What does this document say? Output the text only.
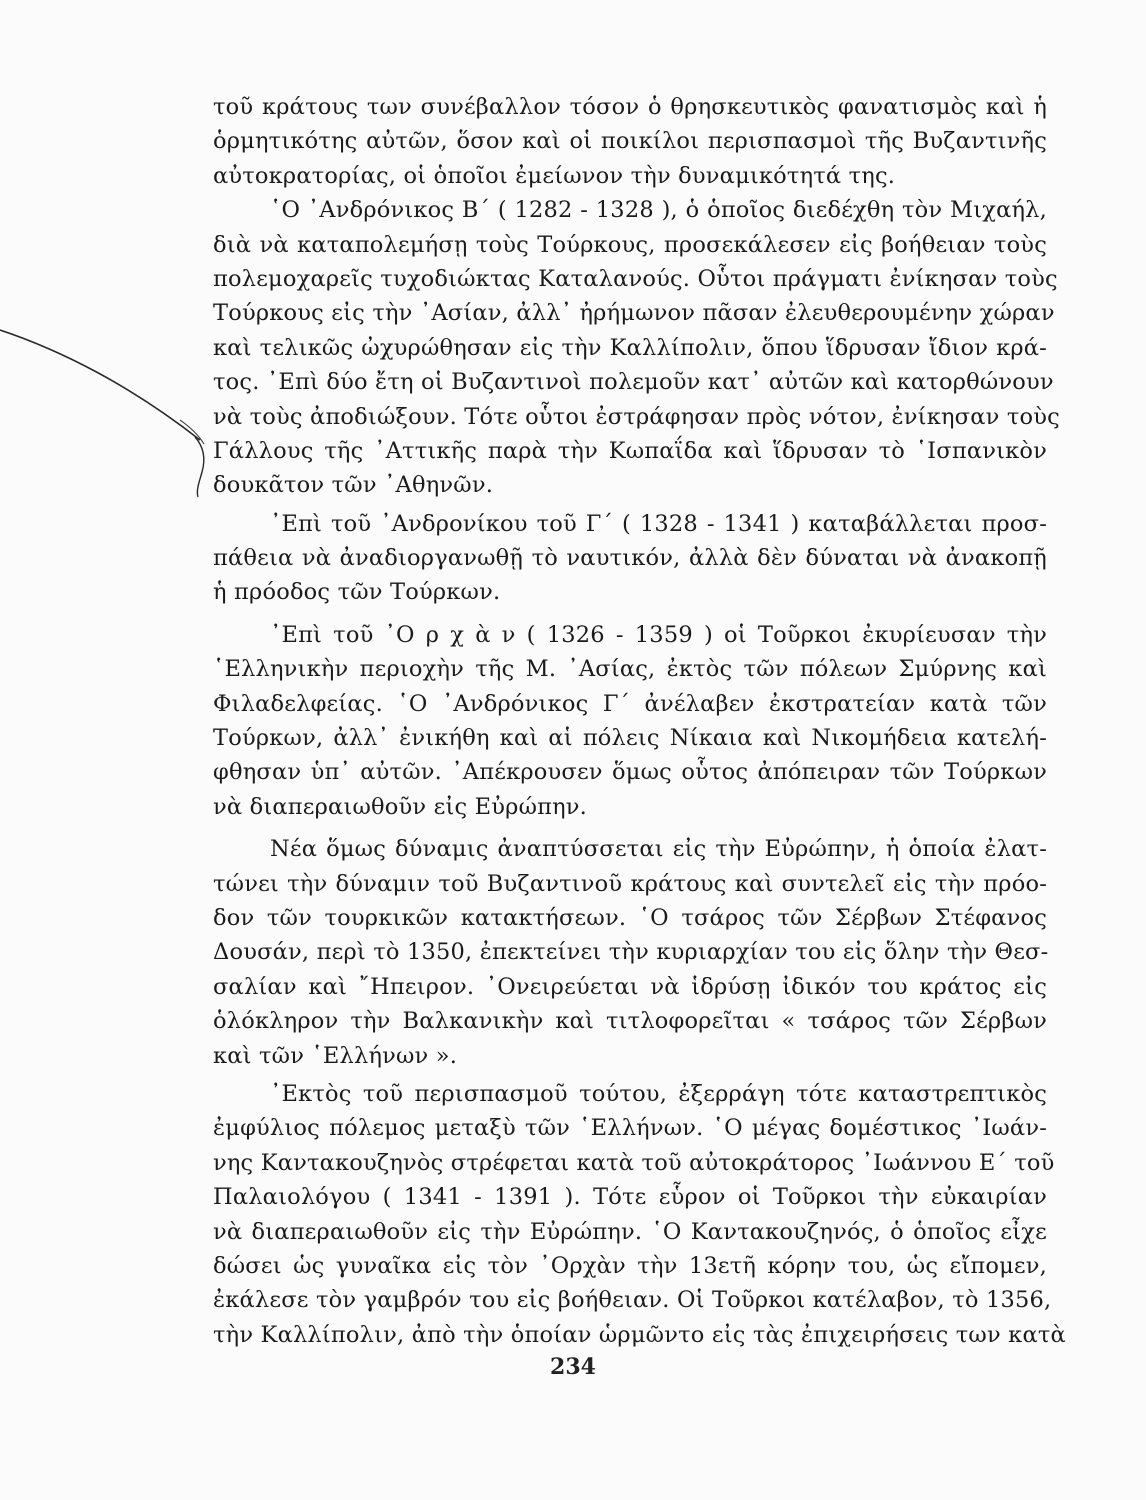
τοῦ κράτους των συνέβαλλον τόσον ὁ θρησκευτικὸς φανατισμὸς καὶ ἡ
ὁρμητικότης αὐτῶν, ὅσον καὶ οἱ ποικίλοι περισπασμοὶ τῆς Βυζαντινῆς
αὐτοκρατορίας, οἱ ὁποῖοι ἐμείωνον τὴν δυναμικότητά της.
῾Ο ᾿Ανδρόνικος Β΄ ( 1282 - 1328 ), ὁ ὁποῖος διεδέχθη τὸν Μιχαήλ,
διὰ νὰ καταπολεμήσῃ τοὺς Τούρκους, προσεκάλεσεν εἰς βοήθειαν τοὺς
πολεμοχαρεῖς τυχοδιώκτας Καταλανούς. Οὗτοι πράγματι ἐνίκησαν τοὺς
Τούρκους εἰς τὴν ᾿Ασίαν, ἀλλ᾿ ἠρήμωνον πᾶσαν ἐλευθερουμένην χώραν
καὶ τελικῶς ὠχυρώθησαν εἰς τὴν Καλλίπολιν, ὅπου ἵδρυσαν ἴδιον κρά-
τος. ᾿Επὶ δύο ἔτη οἱ Βυζαντινοὶ πολεμοῦν κατ᾿ αὐτῶν καὶ κατορθώνουν
νὰ τοὺς ἀποδιώξουν. Τότε οὗτοι ἐστράφησαν πρὸς νότον, ἐνίκησαν τοὺς
Γάλλους τῆς ᾿Αττικῆς παρὰ τὴν Κωπαΐδα καὶ ἵδρυσαν τὸ ῾Ισπανικὸν
δουκᾶτον τῶν ᾿Αθηνῶν.
᾿Επὶ τοῦ ᾿Ανδρονίκου τοῦ Γ΄ ( 1328 - 1341 ) καταβάλλεται προσ-
πάθεια νὰ ἀναδιοργανωθῇ τὸ ναυτικόν, ἀλλὰ δὲν δύναται νὰ ἀνακοπῇ
ἡ πρόοδος τῶν Τούρκων.
᾿Επὶ τοῦ ᾿Ο ρ χ ὰ ν ( 1326 - 1359 ) οἱ Τοῦρκοι ἐκυρίευσαν τὴν
῾Ελληνικὴν περιοχὴν τῆς Μ. ᾿Ασίας, ἐκτὸς τῶν πόλεων Σμύρνης καὶ
Φιλαδελφείας. ῾Ο ᾿Ανδρόνικος Γ΄ ἀνέλαβεν ἐκστρατείαν κατὰ τῶν
Τούρκων, ἀλλ᾿ ἐνικήθη καὶ αἱ πόλεις Νίκαια καὶ Νικομήδεια κατελή-
φθησαν ὑπ᾿ αὐτῶν. ᾿Απέκρουσεν ὅμως οὗτος ἀπόπειραν τῶν Τούρκων
νὰ διαπεραιωθοῦν εἰς Εὐρώπην.
Νέα ὅμως δύναμις ἀναπτύσσεται εἰς τὴν Εὐρώπην, ἡ ὁποία ἐλατ-
τώνει τὴν δύναμιν τοῦ Βυζαντινοῦ κράτους καὶ συντελεῖ εἰς τὴν πρόο-
δον τῶν τουρκικῶν κατακτήσεων. ῾Ο τσάρος τῶν Σέρβων Στέφανος
Δουσάν, περὶ τὸ 1350, ἐπεκτείνει τὴν κυριαρχίαν του εἰς ὅλην τὴν Θεσ-
σαλίαν καὶ ῎Ηπειρον. ᾿Ονειρεύεται νὰ ἱδρύσῃ ἰδικόν του κράτος εἰς
ὁλόκληρον τὴν Βαλκανικὴν καὶ τιτλοφορεῖται « τσάρος τῶν Σέρβων
καὶ τῶν ῾Ελλήνων ».
᾿Εκτὸς τοῦ περισπασμοῦ τούτου, ἐξερράγη τότε καταστρεπτικὸς
ἐμφύλιος πόλεμος μεταξὺ τῶν ῾Ελλήνων. ῾Ο μέγας δομέστικος ᾿Ιωάν-
νης Καντακουζηνὸς στρέφεται κατὰ τοῦ αὐτοκράτορος ᾿Ιωάννου Ε΄ τοῦ
Παλαιολόγου ( 1341 - 1391 ). Τότε εὗρον οἱ Τοῦρκοι τὴν εὐκαιρίαν
νὰ διαπεραιωθοῦν εἰς τὴν Εὐρώπην. ῾Ο Καντακουζηνός, ὁ ὁποῖος εἶχε
δώσει ὡς γυναῖκα εἰς τὸν ᾿Ορχὰν τὴν 13ετῆ κόρην του, ὡς εἴπομεν,
ἐκάλεσε τὸν γαμβρόν του εἰς βοήθειαν. Οἱ Τοῦρκοι κατέλαβον, τὸ 1356,
τὴν Καλλίπολιν, ἀπὸ τὴν ὁποίαν ὡρμῶντο εἰς τὰς ἐπιχειρήσεις των κατὰ
234
